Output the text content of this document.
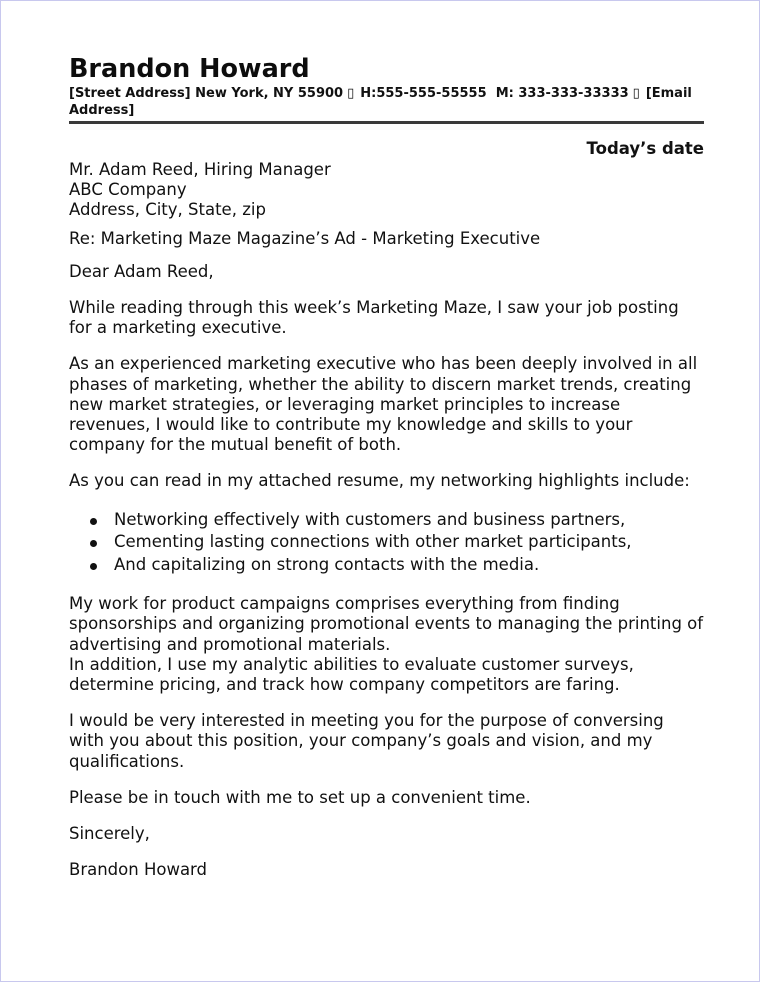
Brandon Howard
[Street Address] New York, NY 55900 ▯ H:555-555-55555 M: 333-333-33333 ▯ [Email Address]
Today’s date
Mr. Adam Reed, Hiring Manager
ABC Company
Address, City, State, zip

Re: Marketing Maze Magazine’s Ad - Marketing Executive

Dear Adam Reed,

While reading through this week’s Marketing Maze, I saw your job posting for a marketing executive.

As an experienced marketing executive who has been deeply involved in all phases of marketing, whether the ability to discern market trends, creating new market strategies, or leveraging market principles to increase revenues, I would like to contribute my knowledge and skills to your company for the mutual benefit of both.

As you can read in my attached resume, my networking highlights include:

Networking effectively with customers and business partners,
Cementing lasting connections with other market participants,
And capitalizing on strong contacts with the media.

My work for product campaigns comprises everything from finding sponsorships and organizing promotional events to managing the printing of advertising and promotional materials.

In addition, I use my analytic abilities to evaluate customer surveys, determine pricing, and track how company competitors are faring.

I would be very interested in meeting you for the purpose of conversing with you about this position, your company’s goals and vision, and my qualifications.

Please be in touch with me to set up a convenient time.

Sincerely,

Brandon Howard
